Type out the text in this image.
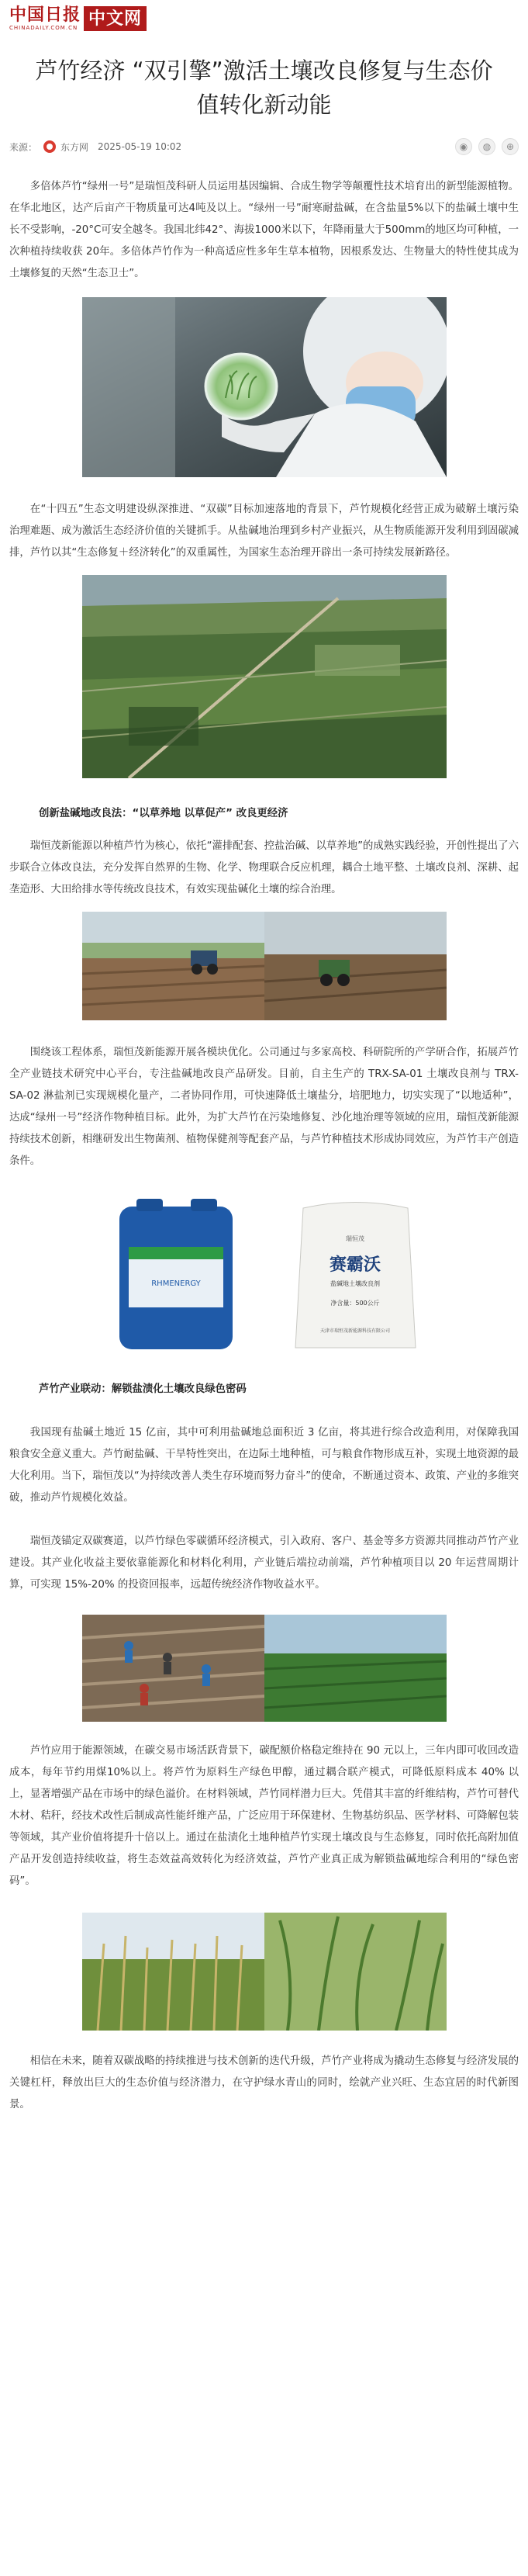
中国日报
CHINADAILY.COM.CN 中文网
芦竹经济 “双引擎”激活土壤改良修复与生态价值转化新动能
来源：	东方网 2025-05-19 10:02	◉	◍	⊕

多倍体芦竹“绿州一号”是瑞恒茂科研人员运用基因编辑、合成生物学等颠覆性技术培育出的新型能源植物。在华北地区，达产后亩产干物质量可达4吨及以上。“绿州一号”耐寒耐盐碱，在含盐量5%以下的盐碱土壤中生长不受影响，-20°C可安全越冬。我国北纬42°、海拔1000米以下，年降雨量大于500mm的地区均可种植，一次种植持续收获 20年。多倍体芦竹作为一种高适应性多年生草本植物，因根系发达、生物量大的特性使其成为土壤修复的天然“生态卫士”。

在“十四五”生态文明建设纵深推进、“双碳”目标加速落地的背景下，芦竹规模化经营正成为破解土壤污染治理难题、成为激活生态经济价值的关键抓手。从盐碱地治理到乡村产业振兴，从生物质能源开发利用到固碳减排，芦竹以其“生态修复＋经济转化”的双重属性，为国家生态治理开辟出一条可持续发展新路径。

创新盐碱地改良法：“以草养地 以草促产” 改良更经济

瑞恒茂新能源以种植芦竹为核心，依托“灌排配套、控盐治碱、以草养地”的成熟实践经验，开创性提出了六步联合立体改良法，充分发挥自然界的生物、化学、物理联合反应机理，耦合土地平整、土壤改良剂、深耕、起垄造形、大田给排水等传统改良技术，有效实现盐碱化土壤的综合治理。

围绕该工程体系，瑞恒茂新能源开展各模块优化。公司通过与多家高校、科研院所的产学研合作，拓展芦竹全产业链技术研究中心平台，专注盐碱地改良产品研发。目前，自主生产的 TRX-SA-01 土壤改良剂与 TRX-SA-02 淋盐剂已实现规模化量产，二者协同作用，可快速降低土壤盐分，培肥地力，切实实现了“以地适种”，达成“绿州一号”经济作物种植目标。此外，为扩大芦竹在污染地修复、沙化地治理等领域的应用，瑞恒茂新能源持续技术创新，相继研发出生物菌剂、植物保健剂等配套产品，与芦竹种植技术形成协同效应，为芦竹丰产创造条件。

RHMENERGY
瑞恒茂
赛霸沃
盐碱地土壤改良剂
净含量：500公斤
天津市瑞恒茂新能源科技有限公司

芦竹产业联动：解锁盐渍化土壤改良绿色密码

我国现有盐碱土地近 15 亿亩，其中可利用盐碱地总面积近 3 亿亩，将其进行综合改造利用，对保障我国粮食安全意义重大。芦竹耐盐碱、干旱特性突出，在边际土地种植，可与粮食作物形成互补，实现土地资源的最大化利用。当下，瑞恒茂以“为持续改善人类生存环境而努力奋斗”的使命，不断通过资本、政策、产业的多维突破，推动芦竹规模化效益。

瑞恒茂锚定双碳赛道，以芦竹绿色零碳循环经济模式，引入政府、客户、基金等多方资源共同推动芦竹产业建设。其产业化收益主要依靠能源化和材料化利用，产业链后端拉动前端，芦竹种植项目以 20 年运营周期计算，可实现 15%-20% 的投资回报率，远超传统经济作物收益水平。

芦竹应用于能源领域，在碳交易市场活跃背景下，碳配额价格稳定维持在 90 元以上，三年内即可收回改造成本，每年节约用煤10%以上。将芦竹为原料生产绿色甲醇，通过耦合联产模式，可降低原料成本 40% 以上，显著增强产品在市场中的绿色溢价。在材料领域，芦竹同样潜力巨大。凭借其丰富的纤维结构，芦竹可替代木材、秸秆，经技术改性后制成高性能纤维产品，广泛应用于环保建材、生物基纺织品、医学材料、可降解包装等领域，其产业价值将提升十倍以上。通过在盐渍化土地种植芦竹实现土壤改良与生态修复，同时依托高附加值产品开发创造持续收益，将生态效益高效转化为经济效益，芦竹产业真正成为解锁盐碱地综合利用的“绿色密码”。

相信在未来，随着双碳战略的持续推进与技术创新的迭代升级，芦竹产业将成为撬动生态修复与经济发展的关键杠杆，释放出巨大的生态价值与经济潜力，在守护绿水青山的同时，绘就产业兴旺、生态宜居的时代新图景。
